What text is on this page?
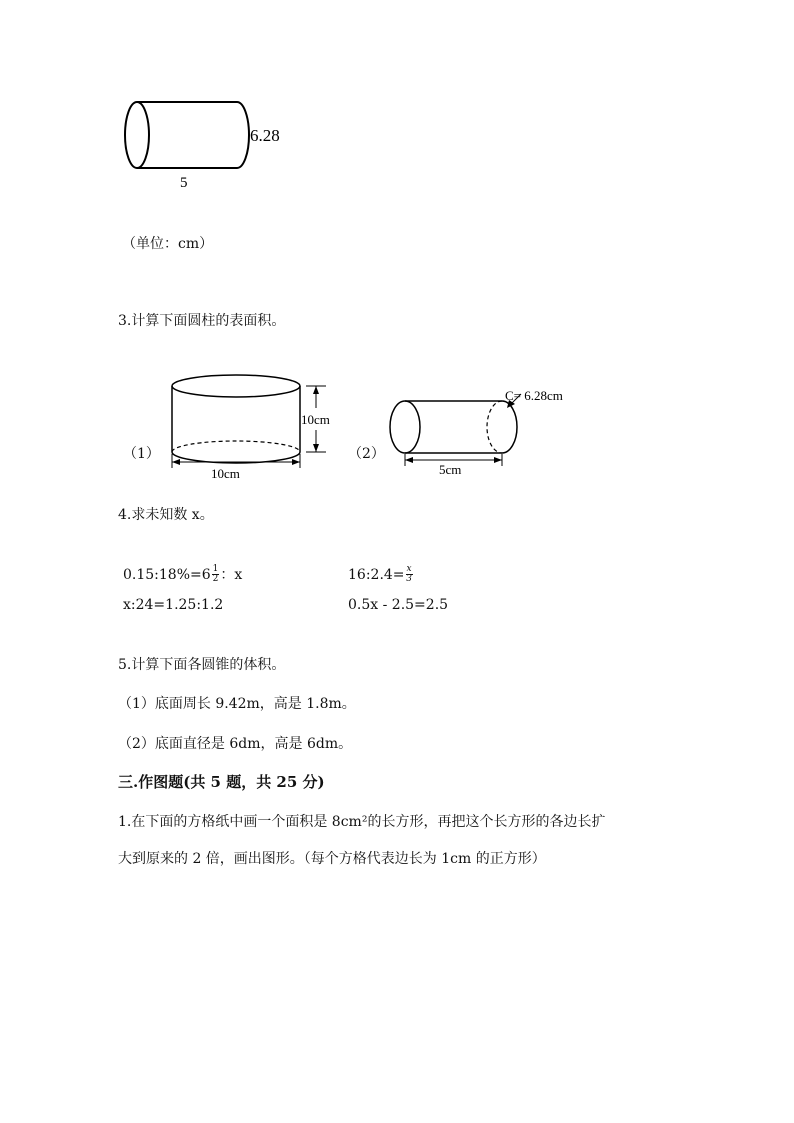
6.28
5
（单位：cm）
3.计算下面圆柱的表面积。
10cm
10cm
（1）
C= 6.28cm
5cm
（2）
4.求未知数 x。
0.15:18%=6 $\frac{1}{2}$ ：x	16:2.4= $\frac{x}{3}$
x:24=1.25:1.2	0.5x - 2.5=2.5
5.计算下面各圆锥的体积。
（1）底面周长 9.42m，高是 1.8m。
（2）底面直径是 6dm，高是 6dm。
三.作图题(共 5 题，共 25 分)
1.在下面的方格纸中画一个面积是 8cm²的长方形，再把这个长方形的各边长扩
大到原来的 2 倍，画出图形。（每个方格代表边长为 1cm 的正方形）
